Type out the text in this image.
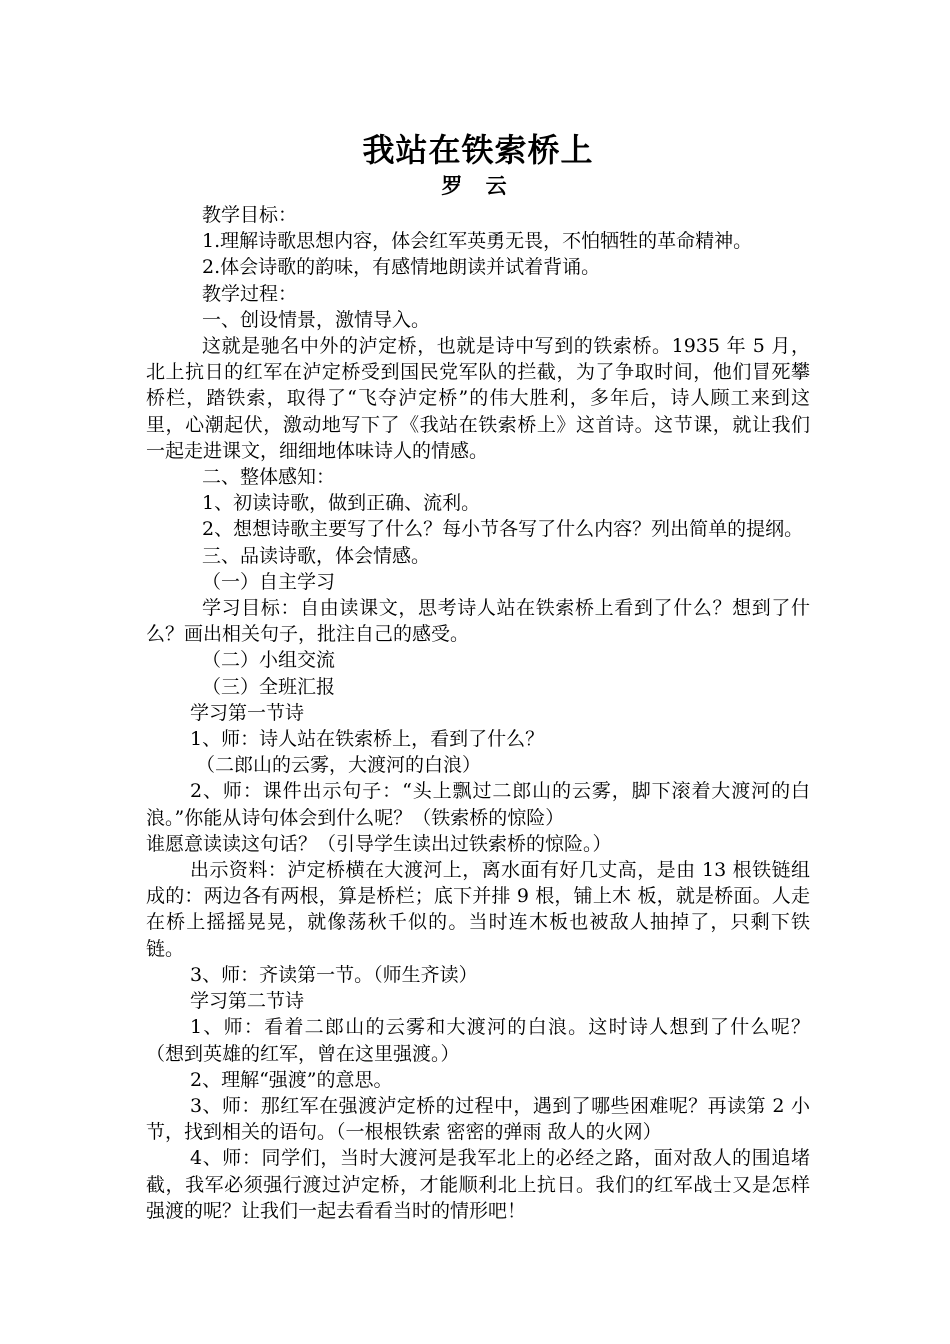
我站在铁索桥上
罗 云

教学目标：

1.理解诗歌思想内容，体会红军英勇无畏，不怕牺牲的革命精神。

2.体会诗歌的韵味，有感情地朗读并试着背诵。

教学过程：

一、创设情景，激情导入。

这就是驰名中外的泸定桥，也就是诗中写到的铁索桥。1935 年 5 月，北上抗日的红军在泸定桥受到国民党军队的拦截，为了争取时间，他们冒死攀桥栏，踏铁索，取得了“飞夺泸定桥”的伟大胜利，多年后，诗人顾工来到这里，心潮起伏，激动地写下了《我站在铁索桥上》这首诗。这节课，就让我们一起走进课文，细细地体味诗人的情感。

二、整体感知：

1、初读诗歌，做到正确、流利。

2、想想诗歌主要写了什么？每小节各写了什么内容？列出简单的提纲。

三、品读诗歌，体会情感。

（一）自主学习

学习目标：自由读课文，思考诗人站在铁索桥上看到了什么？想到了什么？画出相关句子，批注自己的感受。

（二）小组交流

（三）全班汇报

学习第一节诗

1、师：诗人站在铁索桥上，看到了什么？

（二郎山的云雾，大渡河的白浪）

2、师：课件出示句子：“头上飘过二郎山的云雾，脚下滚着大渡河的白浪。”你能从诗句体会到什么呢？（铁索桥的惊险）

谁愿意读读这句话？（引导学生读出过铁索桥的惊险。）

出示资料：泸定桥横在大渡河上，离水面有好几丈高，是由 13 根铁链组成的：两边各有两根，算是桥栏；底下并排 9 根，铺上木 板，就是桥面。人走在桥上摇摇晃晃，就像荡秋千似的。当时连木板也被敌人抽掉了，只剩下铁链。

3、师：齐读第一节。（师生齐读）

学习第二节诗

1、师：看着二郎山的云雾和大渡河的白浪。这时诗人想到了什么呢？（想到英雄的红军，曾在这里强渡。）

2、理解“强渡”的意思。

3、师：那红军在强渡泸定桥的过程中，遇到了哪些困难呢？再读第 2 小节，找到相关的语句。（一根根铁索 密密的弹雨 敌人的火网）

4、师：同学们，当时大渡河是我军北上的必经之路，面对敌人的围追堵截，我军必须强行渡过泸定桥，才能顺利北上抗日。我们的红军战士又是怎样强渡的呢？让我们一起去看看当时的情形吧！
